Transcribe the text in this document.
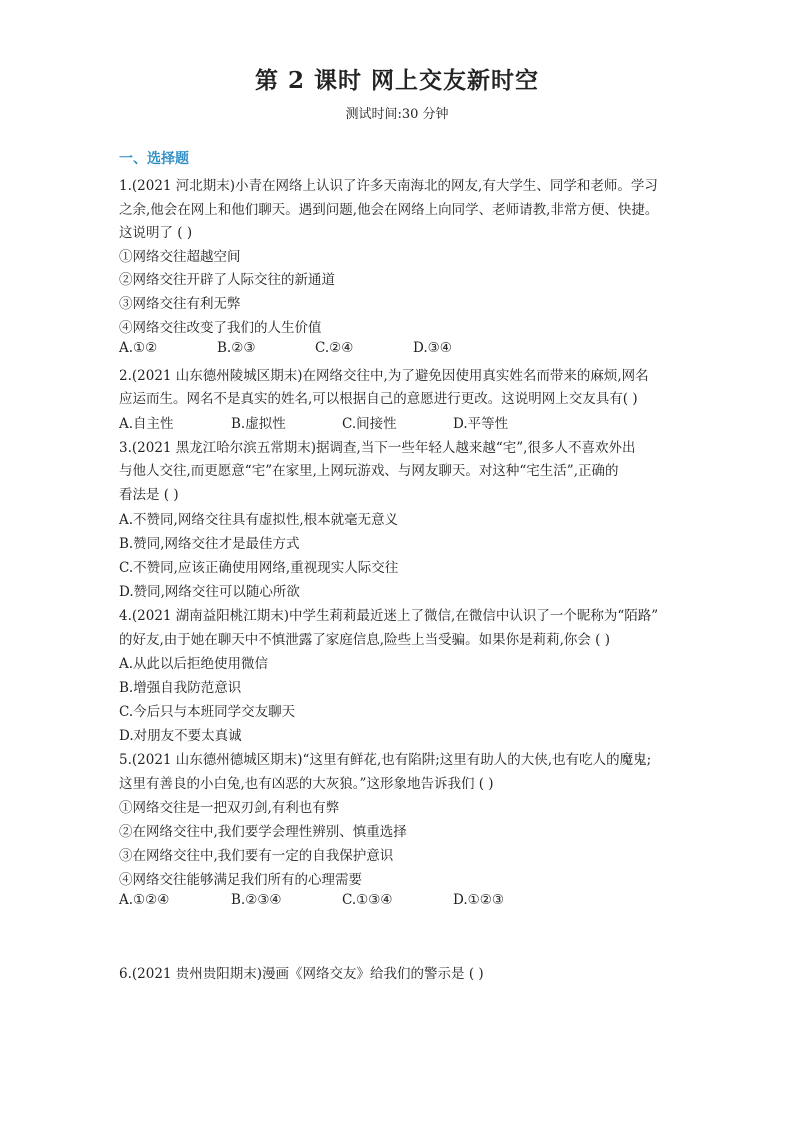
第 2 课时 网上交友新时空
测试时间:30 分钟
一、选择题
1.(2021 河北期末)小青在网络上认识了许多天南海北的网友,有大学生、同学和老师。学习
之余,他会在网上和他们聊天。遇到问题,他会在网络上向同学、老师请教,非常方便、快捷。
这说明了 ( )
①网络交往超越空间
②网络交往开辟了人际交往的新通道
③网络交往有利无弊
④网络交往改变了我们的人生价值
A.①②	B.②③	C.②④	D.③④
2.(2021 山东德州陵城区期末)在网络交往中,为了避免因使用真实姓名而带来的麻烦,网名
应运而生。网名不是真实的姓名,可以根据自己的意愿进行更改。这说明网上交友具有( )
A.自主性	B.虚拟性	C.间接性	D.平等性
3.(2021 黑龙江哈尔滨五常期末)据调查,当下一些年轻人越来越“宅”,很多人不喜欢外出
与他人交往,而更愿意“宅”在家里,上网玩游戏、与网友聊天。对这种“宅生活”,正确的
看法是 ( )
A.不赞同,网络交往具有虚拟性,根本就毫无意义
B.赞同,网络交往才是最佳方式
C.不赞同,应该正确使用网络,重视现实人际交往
D.赞同,网络交往可以随心所欲
4.(2021 湖南益阳桃江期末)中学生莉莉最近迷上了微信,在微信中认识了一个昵称为“陌路”
的好友,由于她在聊天中不慎泄露了家庭信息,险些上当受骗。如果你是莉莉,你会 ( )
A.从此以后拒绝使用微信
B.增强自我防范意识
C.今后只与本班同学交友聊天
D.对朋友不要太真诚
5.(2021 山东德州德城区期末)“这里有鲜花,也有陷阱;这里有助人的大侠,也有吃人的魔鬼;
这里有善良的小白兔,也有凶恶的大灰狼。”这形象地告诉我们 ( )
①网络交往是一把双刃剑,有利也有弊
②在网络交往中,我们要学会理性辨别、慎重选择
③在网络交往中,我们要有一定的自我保护意识
④网络交往能够满足我们所有的心理需要
A.①②④	B.②③④	C.①③④	D.①②③
6.(2021 贵州贵阳期末)漫画《网络交友》给我们的警示是 ( )
